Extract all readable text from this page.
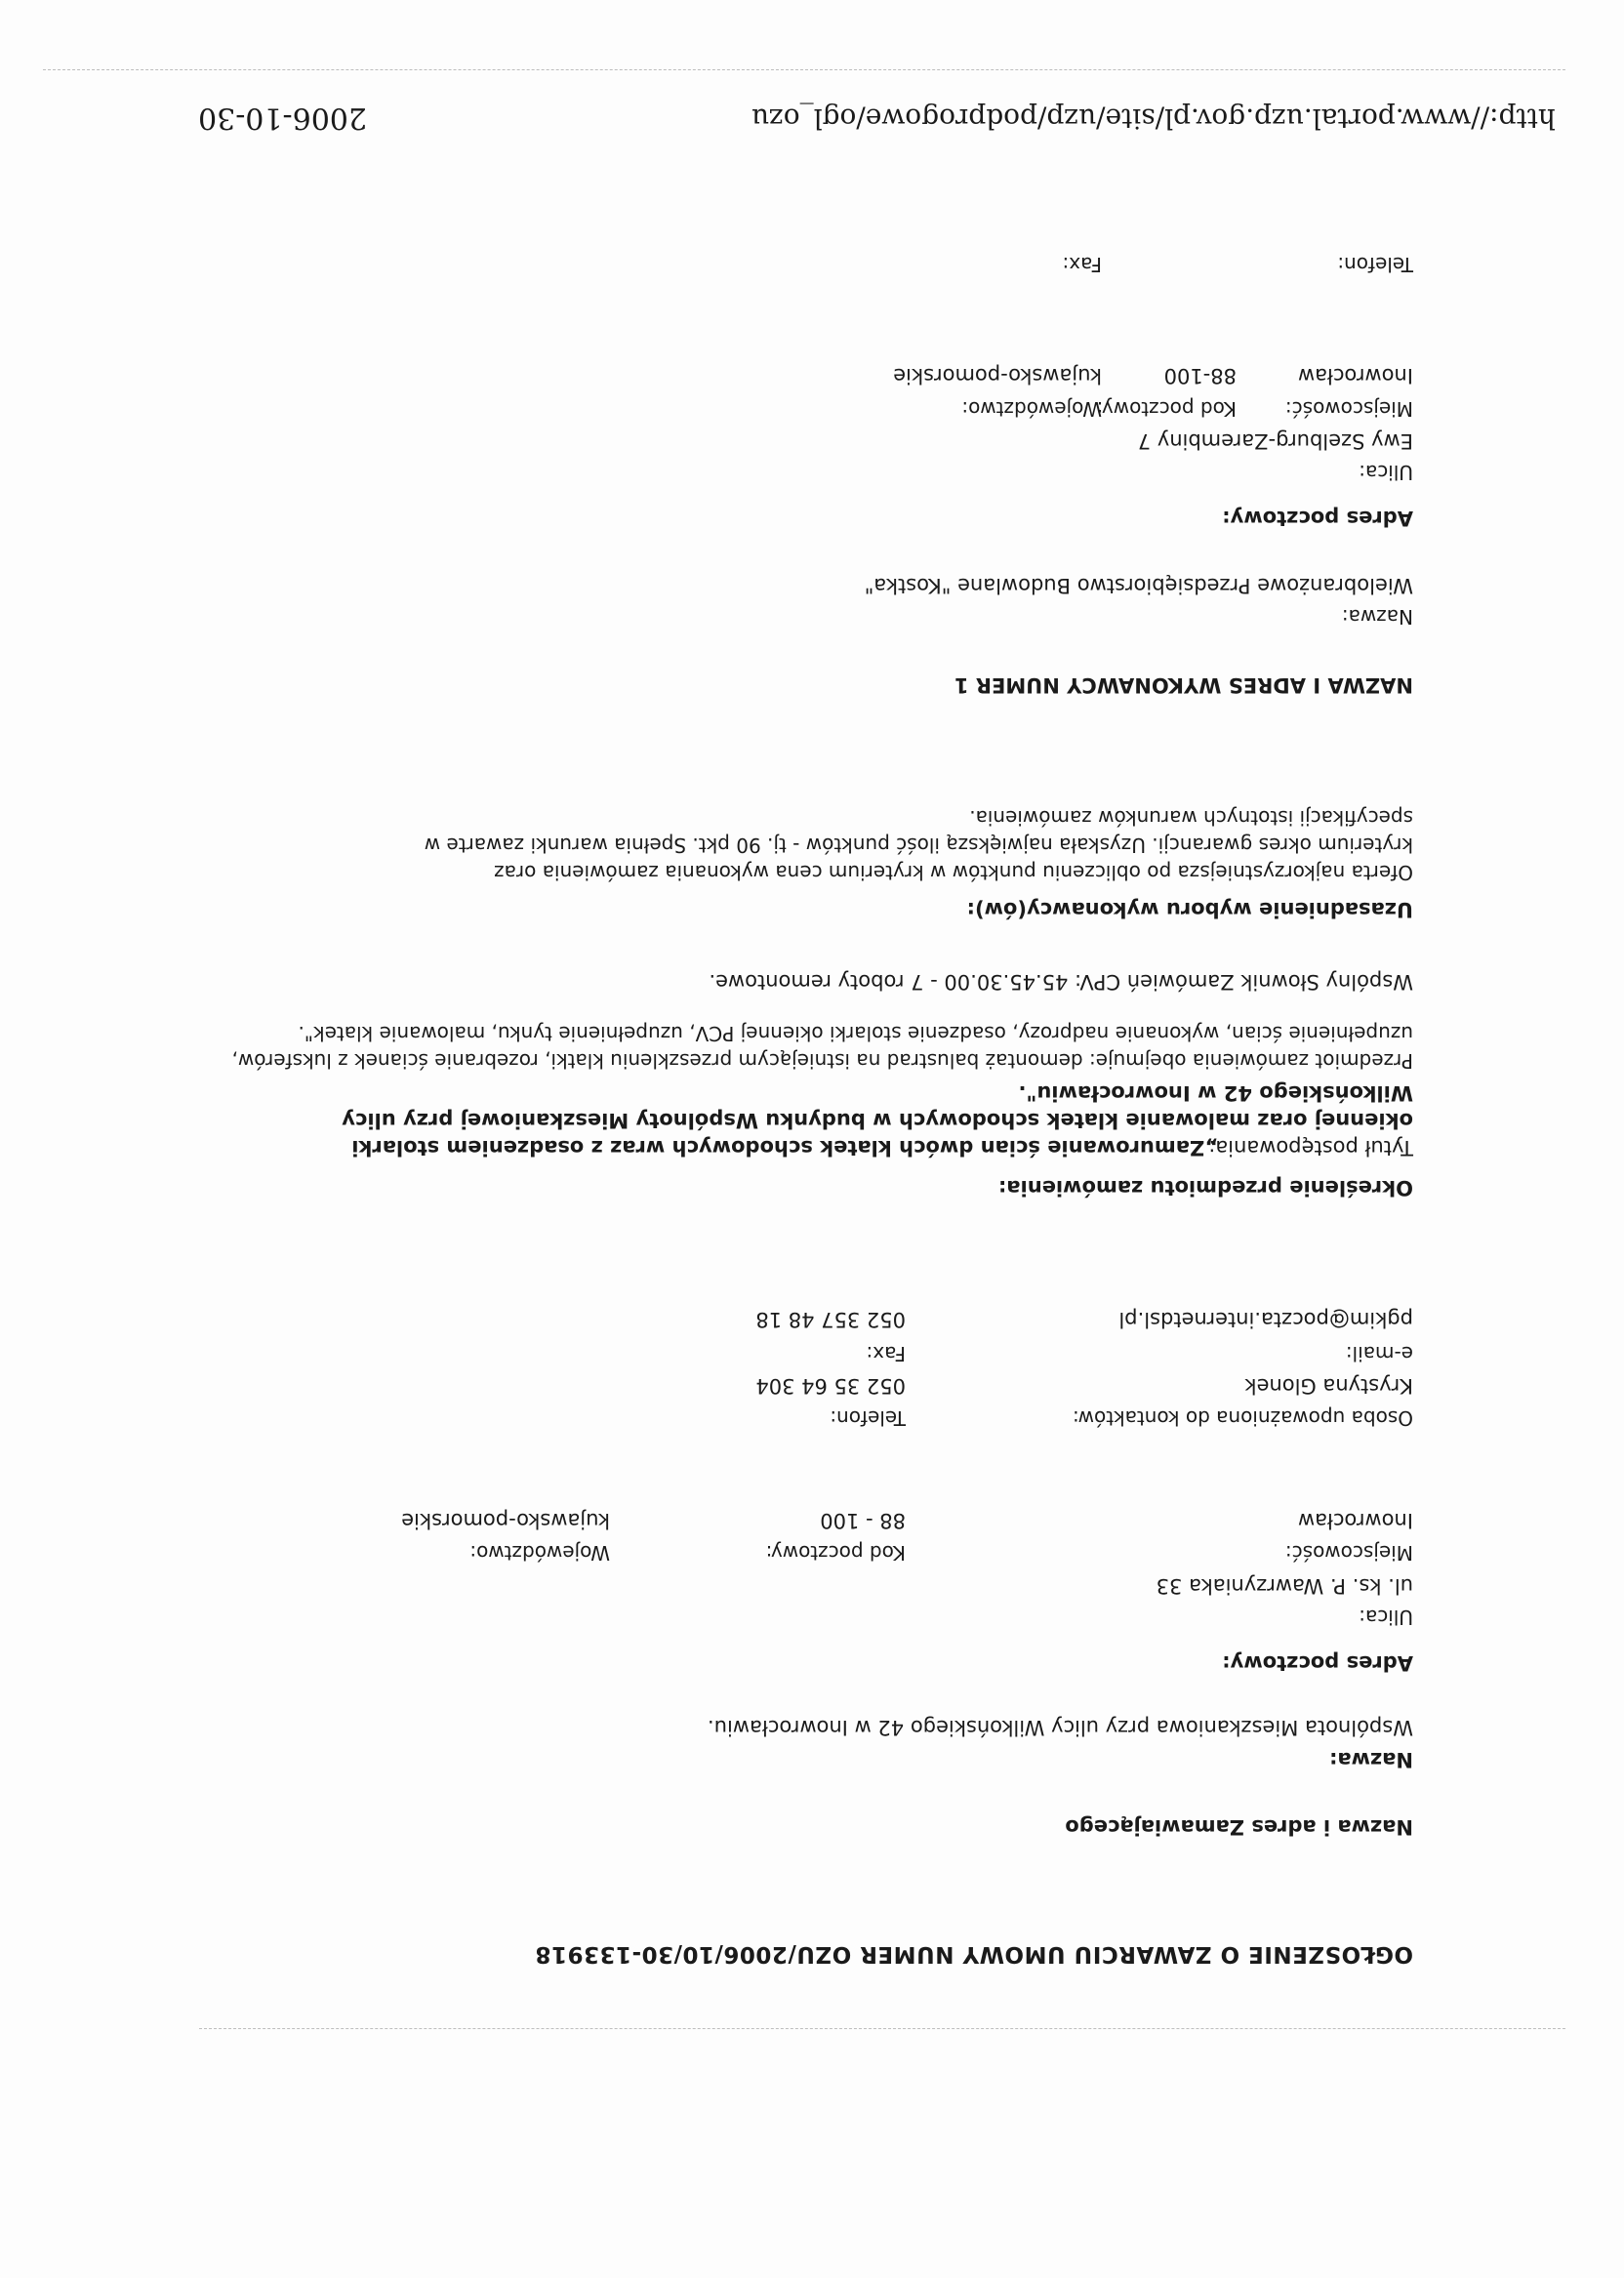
http://www.portal.uzp.gov.pl/site/uzp/podprogowe/ogl_ozu
2006-10-30
Telefon:
Fax:
Inowrocław
88-100
kujawsko-pomorskie
Miejscowość:
Kod pocztowy:
Województwo:
Ewy Szelburg-Zarembiny 7
Ulica:
Adres pocztowy:
Wielobranżowe Przedsiębiorstwo Budowlane "Kostka"
Nazwa:
NAZWA I ADRES WYKONAWCY NUMER 1
Oferta najkorzystniejsza po obliczeniu punktów w kryterium cena wykonania zamówienia oraz kryterium okres gwarancji. Uzyskała największą ilość punktów - tj. 90 pkt. Spełnia warunki zawarte w specyfikacji istotnych warunków zamówienia.
Uzasadnienie wyboru wykonawcy(ów):
Wspólny Słownik Zamówień CPV: 45.45.30.00 - 7 roboty remontowe.
Przedmiot zamówienia obejmuje: demontaż balustrad na istniejącym przeszkleniu klatki, rozebranie ścianek z luksferów, uzupełnienie ścian, wykonanie nadprozy, osadzenie stolarki okiennej PCV, uzupełnienie tynku, malowanie klatek".
Wilkońskiego 42 w Inowrocławiu".
okiennej oraz malowanie klatek schodowych w budynku Wspólnoty Mieszkaniowej przy ulicy
Tytuł postępowania:
„Zamurowanie ścian dwóch klatek schodowych wraz z osadzeniem stolarki
Określenie przedmiotu zamówienia:
pgkim@poczta.internetdsl.pl
052 357 48 18
e-mail:
Fax:
Krystyna Glonek
052 35 64 304
Osoba upoważniona do kontaktów:
Telefon:
Inowrocław
88 - 100
kujawsko-pomorskie
Miejscowość:
Kod pocztowy:
Województwo:
ul. ks. P. Wawrzyniaka 33
Ulica:
Adres pocztowy:
Wspólnota Mieszkaniowa przy ulicy Wilkońskiego 42 w Inowrocławiu.
Nazwa:
Nazwa i adres Zamawiającego
OGŁOSZENIE O ZAWARCIU UMOWY NUMER OZU/2006/10/30-133918
